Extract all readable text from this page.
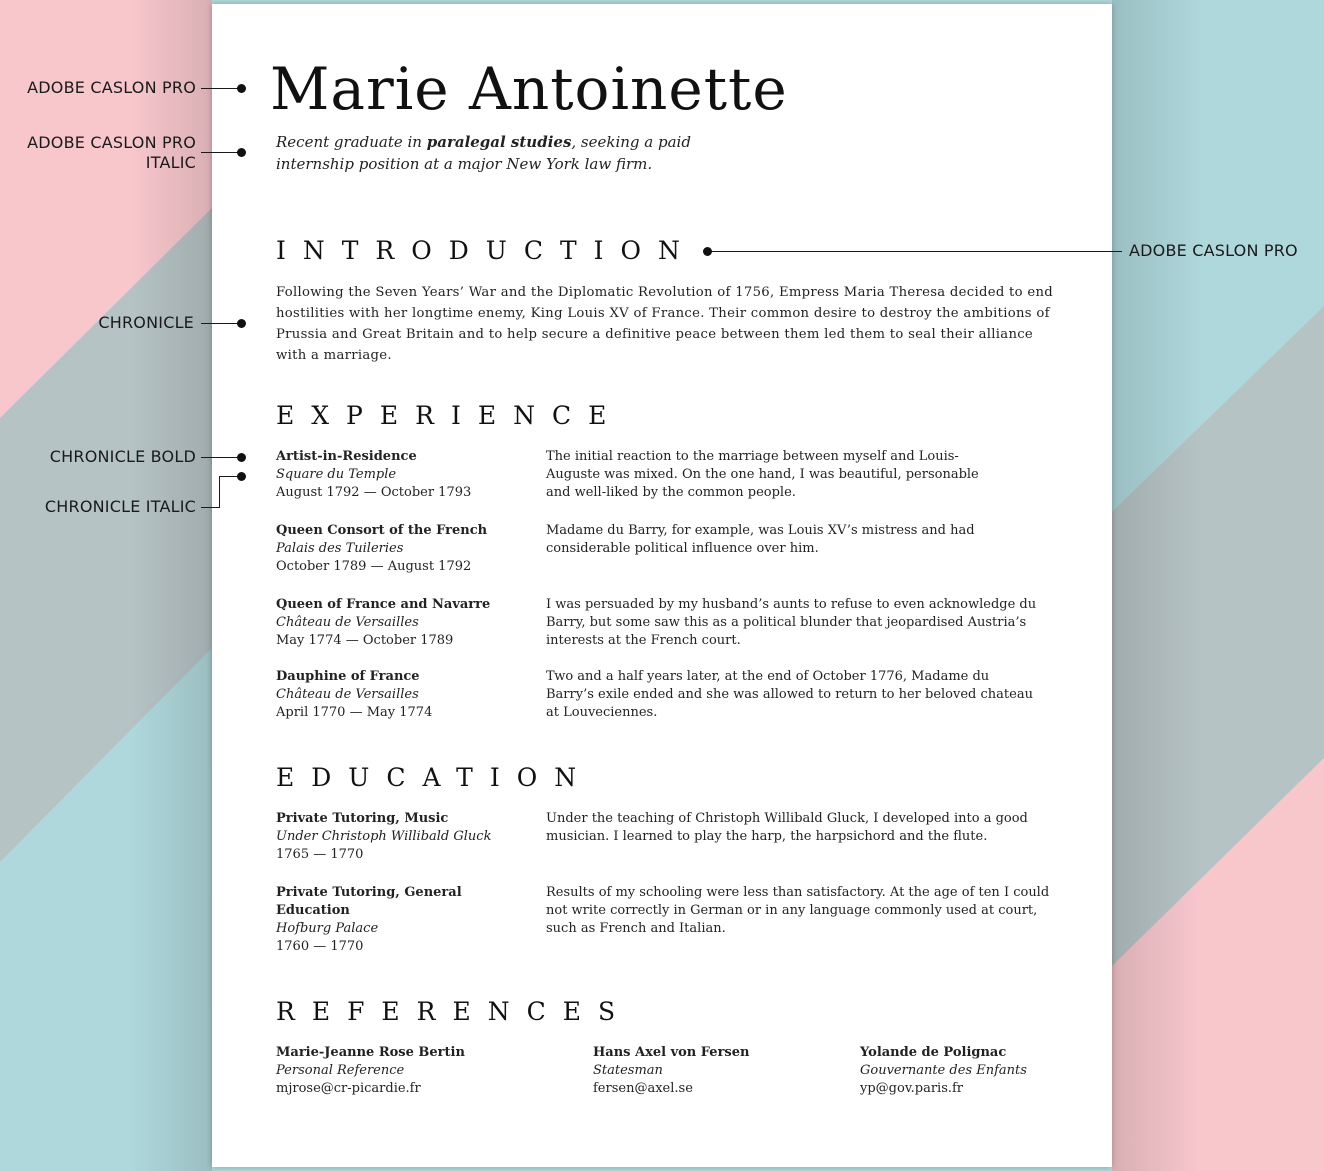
ADOBE CASLON PRO
ADOBE CASLON PRO
ITALIC
ADOBE CASLON PRO
CHRONICLE
CHRONICLE BOLD
CHRONICLE ITALIC
Marie Antoinette
Recent graduate in paralegal studies, seeking a paid internship position at a major New York law firm.
INTRODUCTION
Following the Seven Years’ War and the Diplomatic Revolution of 1756, Empress Maria Theresa decided to end hostilities with her longtime enemy, King Louis XV of France. Their common desire to destroy the ambitions of Prussia and Great Britain and to help secure a definitive peace between them led them to seal their alliance with a marriage.
EXPERIENCE
Artist-in-Residence
Square du Temple
August 1792 — October 1793
The initial reaction to the marriage between myself and Louis-Auguste was mixed. On the one hand, I was beautiful, personable and well-liked by the common people.
Queen Consort of the French
Palais des Tuileries
October 1789 — August 1792
Madame du Barry, for example, was Louis XV’s mistress and had considerable political influence over him.
Queen of France and Navarre
Château de Versailles
May 1774 — October 1789
I was persuaded by my husband’s aunts to refuse to even acknowledge du Barry, but some saw this as a political blunder that jeopardised Austria’s interests at the French court.
Dauphine of France
Château de Versailles
April 1770 — May 1774
Two and a half years later, at the end of October 1776, Madame du Barry’s exile ended and she was allowed to return to her beloved chateau at Louveciennes.
EDUCATION
Private Tutoring, Music
Under Christoph Willibald Gluck
1765 — 1770
Under the teaching of Christoph Willibald Gluck, I developed into a good musician. I learned to play the harp, the harpsichord and the flute.
Private Tutoring, General Education
Hofburg Palace
1760 — 1770
Results of my schooling were less than satisfactory. At the age of ten I could not write correctly in German or in any language commonly used at court, such as French and Italian.
REFERENCES
Marie-Jeanne Rose Bertin
Personal Reference
mjrose@cr-picardie.fr
Hans Axel von Fersen
Statesman
fersen@axel.se
Yolande de Polignac
Gouvernante des Enfants
yp@gov.paris.fr
